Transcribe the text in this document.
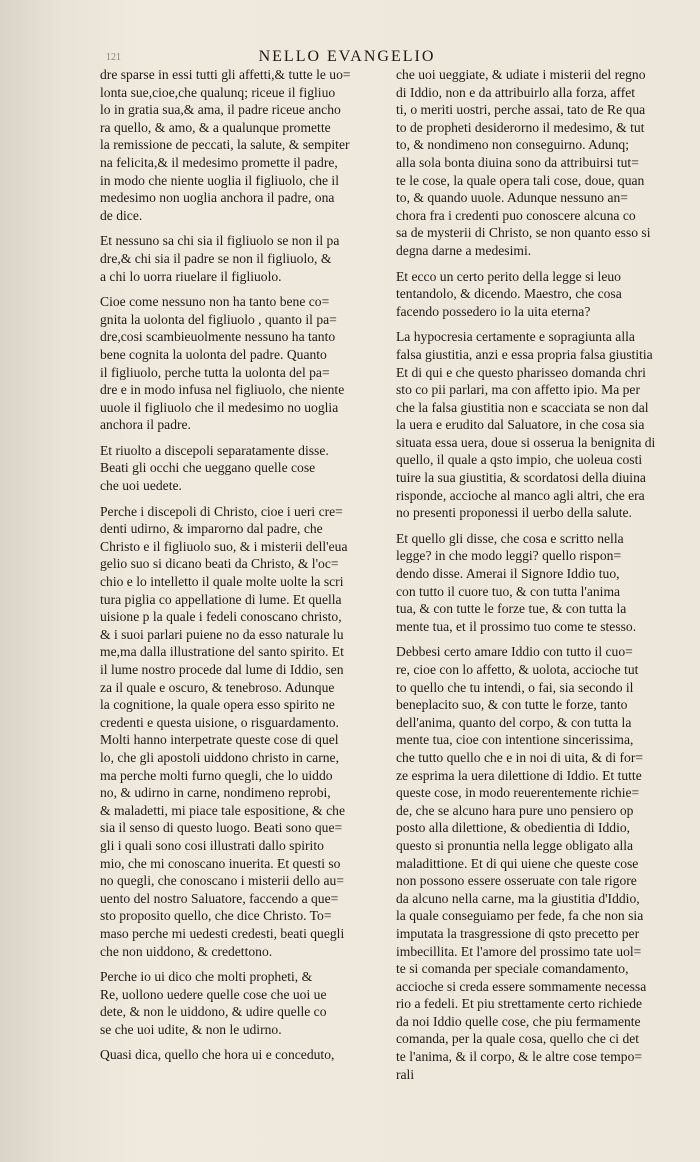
121	NELLO EVANGELIO

dre sparse in essi tutti gli affetti,& tutte le uo=
lonta sue,cioe,che qualunq; riceue il figliuo
lo in gratia sua,& ama, il padre riceue ancho
ra quello, & amo, & a qualunque promette
la remissione de peccati, la salute, & sempiter
na felicita,& il medesimo promette il padre,
in modo che niente uoglia il figliuolo, che il
medesimo non uoglia anchora il padre, ona
de dice.

Et nessuno sa chi sia il figliuolo se non il pa
dre,& chi sia il padre se non il figliuolo, &
a chi lo uorra riuelare il figliuolo.

Cioe come nessuno non ha tanto bene co=
gnita la uolonta del figliuolo , quanto il pa=
dre,cosi scambieuolmente nessuno ha tanto
bene cognita la uolonta del padre. Quanto
il figliuolo, perche tutta la uolonta del pa=
dre e in modo infusa nel figliuolo, che niente
uuole il figliuolo che il medesimo no uoglia
anchora il padre.

Et riuolto a discepoli separatamente disse.
Beati gli occhi che ueggano quelle cose
che uoi uedete.

Perche i discepoli di Christo, cioe i ueri cre=
denti udirno, & imparorno dal padre, che
Christo e il figliuolo suo, & i misterii dell'eua
gelio suo si dicano beati da Christo, & l'oc=
chio e lo intelletto il quale molte uolte la scri
tura piglia co appellatione di lume. Et quella
uisione p la quale i fedeli conoscano christo,
& i suoi parlari puiene no da esso naturale lu
me,ma dalla illustratione del santo spirito. Et
il lume nostro procede dal lume di Iddio, sen
za il quale e oscuro, & tenebroso. Adunque
la cognitione, la quale opera esso spirito ne
credenti e questa uisione, o risguardamento.
Molti hanno interpetrate queste cose di quel
lo, che gli apostoli uiddono christo in carne,
ma perche molti furno quegli, che lo uiddo
no, & udirno in carne, nondimeno reprobi,
& maladetti, mi piace tale espositione, & che
sia il senso di questo luogo. Beati sono que=
gli i quali sono cosi illustrati dallo spirito
mio, che mi conoscano inuerita. Et questi so
no quegli, che conoscano i misterii dello au=
uento del nostro Saluatore, faccendo a que=
sto proposito quello, che dice Christo. To=
maso perche mi uedesti credesti, beati quegli
che non uiddono, & credettono.

Perche io ui dico che molti propheti, &
Re, uollono uedere quelle cose che uoi ue
dete, & non le uiddono, & udire quelle co
se che uoi udite, & non le udirno.

Quasi dica, quello che hora ui e conceduto,

che uoi ueggiate, & udiate i misterii del regno
di Iddio, non e da attribuirlo alla forza, affet
ti, o meriti uostri, perche assai, tato de Re qua
to de propheti desiderorno il medesimo, & tut
to, & nondimeno non conseguirno. Adunq;
alla sola bonta diuina sono da attribuirsi tut=
te le cose, la quale opera tali cose, doue, quan
to, & quando uuole. Adunque nessuno an=
chora fra i credenti puo conoscere alcuna co
sa de mysterii di Christo, se non quanto esso si
degna darne a medesimi.

Et ecco un certo perito della legge si leuo
tentandolo, & dicendo. Maestro, che cosa
facendo possedero io la uita eterna?

La hypocresia certamente e sopragiunta alla
falsa giustitia, anzi e essa propria falsa giustitia
Et di qui e che questo pharisseo domanda chri
sto co pii parlari, ma con affetto ipio. Ma per
che la falsa giustitia non e scacciata se non dal
la uera e erudito dal Saluatore, in che cosa sia
situata essa uera, doue si osserua la benignita di
quello, il quale a qsto impio, che uoleua costi
tuire la sua giustitia, & scordatosi della diuina
risponde, accioche al manco agli altri, che era
no presenti proponessi il uerbo della salute.

Et quello gli disse, che cosa e scritto nella
legge? in che modo leggi? quello rispon=
dendo disse. Amerai il Signore Iddio tuo,
con tutto il cuore tuo, & con tutta l'anima
tua, & con tutte le forze tue, & con tutta la
mente tua, et il prossimo tuo come te stesso.

Debbesi certo amare Iddio con tutto il cuo=
re, cioe con lo affetto, & uolota, accioche tut
to quello che tu intendi, o fai, sia secondo il
beneplacito suo, & con tutte le forze, tanto
dell'anima, quanto del corpo, & con tutta la
mente tua, cioe con intentione sincerissima,
che tutto quello che e in noi di uita, & di for=
ze esprima la uera dilettione di Iddio. Et tutte
queste cose, in modo reuerentemente richie=
de, che se alcuno hara pure uno pensiero op
posto alla dilettione, & obedientia di Iddio,
questo si pronuntia nella legge obligato alla
maladittione. Et di qui uiene che queste cose
non possono essere osseruate con tale rigore
da alcuno nella carne, ma la giustitia d'Iddio,
la quale conseguiamo per fede, fa che non sia
imputata la trasgressione di qsto precetto per
imbecillita. Et l'amore del prossimo tate uol=
te si comanda per speciale comandamento,
accioche si creda essere sommamente necessa
rio a fedeli. Et piu strettamente certo richiede
da noi Iddio quelle cose, che piu fermamente
comanda, per la quale cosa, quello che ci det
te l'anima, & il corpo, & le altre cose tempo=
rali
